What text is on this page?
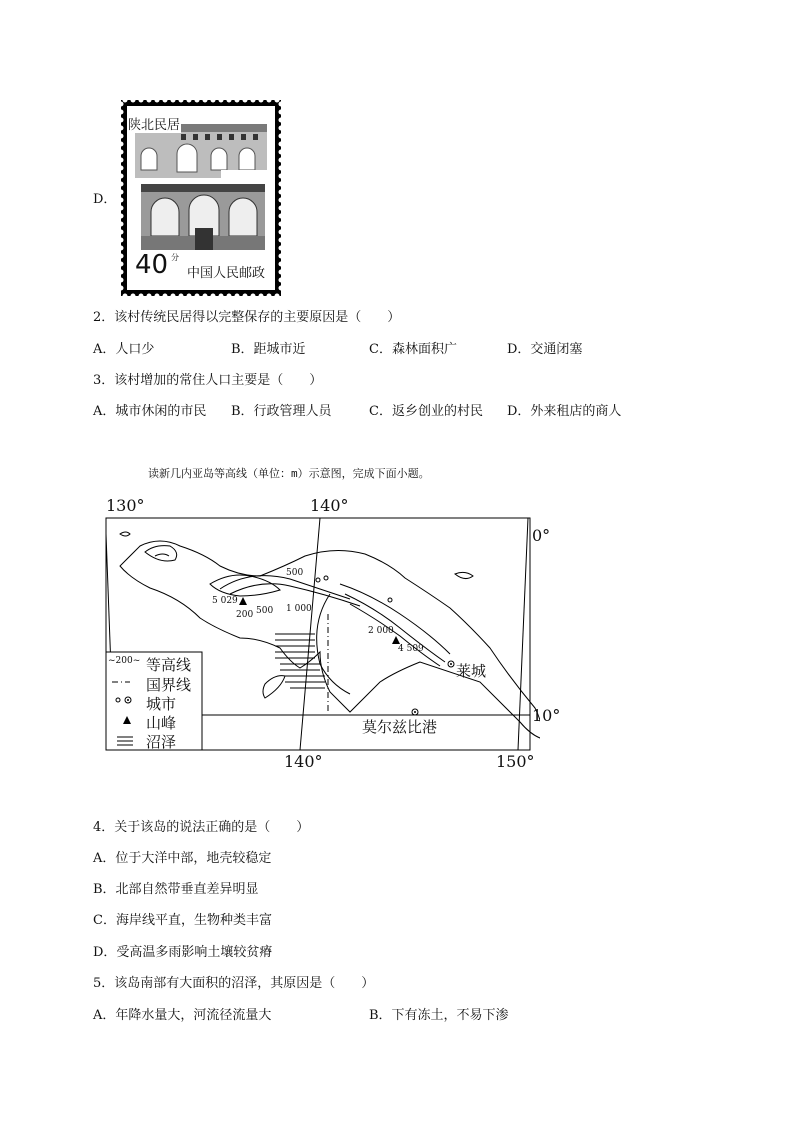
D．
陕北民居
40 分
中国人民邮政
2．该村传统民居得以完整保存的主要原因是（　　）
A．人口少	B．距城市近	C．森林面积广	D．交通闭塞
3．该村增加的常住人口主要是（　　）
A．城市休闲的市民 B．行政管理人员	C．返乡创业的村民 D．外来租店的商人
读新几内亚岛等高线（单位：m）示意图，完成下面小题。
130°	140°
140°	150°
0°
10°
500
200 500 1 000
2 000
5 029
4 509
莱城
莫尔兹比港
~200~ 等高线
国界线
城市
山峰
沼泽
4．关于该岛的说法正确的是（　　）
A．位于大洋中部，地壳较稳定
B．北部自然带垂直差异明显
C．海岸线平直，生物种类丰富
D．受高温多雨影响土壤较贫瘠
5．该岛南部有大面积的沼泽，其原因是（　　）
A．年降水量大，河流径流量大	B．下有冻土，不易下渗
